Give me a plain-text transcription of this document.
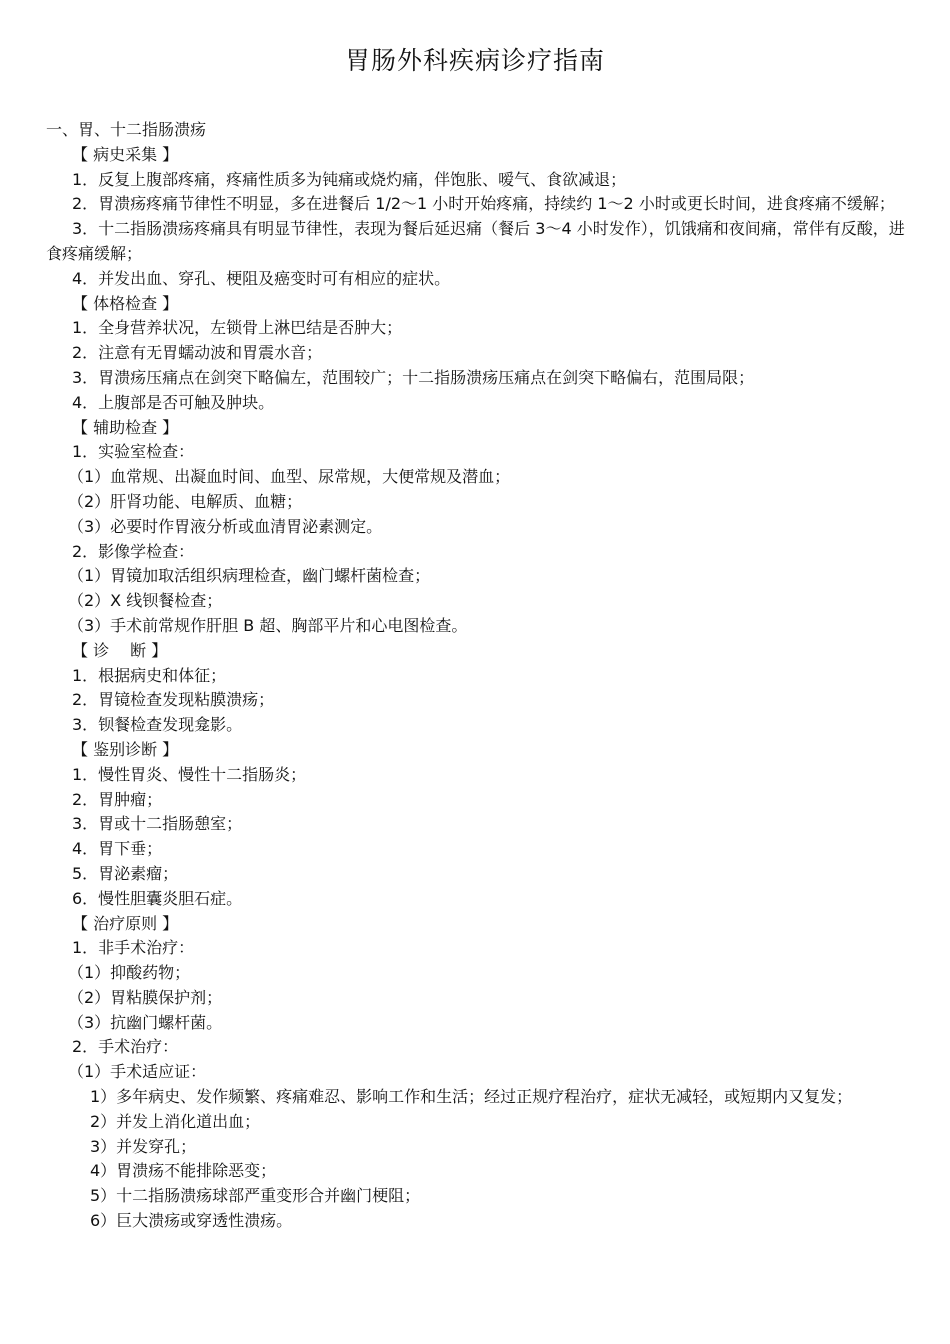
胃肠外科疾病诊疗指南
一、胃、十二指肠溃疡
【 病史采集 】
1．反复上腹部疼痛，疼痛性质多为钝痛或烧灼痛，伴饱胀、嗳气、食欲减退；
2．胃溃疡疼痛节律性不明显，多在进餐后 1/2～1 小时开始疼痛，持续约 1～2 小时或更长时间，进食疼痛不缓解；
3．十二指肠溃疡疼痛具有明显节律性，表现为餐后延迟痛（餐后 3～4 小时发作），饥饿痛和夜间痛，常伴有反酸，进食疼痛缓解；
4．并发出血、穿孔、梗阻及癌变时可有相应的症状。
【 体格检查 】
1．全身营养状况，左锁骨上淋巴结是否肿大；
2．注意有无胃蠕动波和胃震水音；
3．胃溃疡压痛点在剑突下略偏左，范围较广；十二指肠溃疡压痛点在剑突下略偏右，范围局限；
4．上腹部是否可触及肿块。
【 辅助检查 】
1．实验室检查：
（1）血常规、出凝血时间、血型、尿常规，大便常规及潜血；
（2）肝肾功能、电解质、血糖；
（3）必要时作胃液分析或血清胃泌素测定。
2．影像学检查：
（1）胃镜加取活组织病理检查，幽门螺杆菌检查；
（2）X 线钡餐检查；
（3）手术前常规作肝胆 B 超、胸部平片和心电图检查。
【 诊　 断 】
1．根据病史和体征；
2．胃镜检查发现粘膜溃疡；
3．钡餐检查发现龛影。
【 鉴别诊断 】
1．慢性胃炎、慢性十二指肠炎；
2．胃肿瘤；
3．胃或十二指肠憩室；
4．胃下垂；
5．胃泌素瘤；
6．慢性胆囊炎胆石症。
【 治疗原则 】
1．非手术治疗：
（1）抑酸药物；
（2）胃粘膜保护剂；
（3）抗幽门螺杆菌。
2．手术治疗：
（1）手术适应证：
1）多年病史、发作频繁、疼痛难忍、影响工作和生活；经过正规疗程治疗，症状无减轻，或短期内又复发；
2）并发上消化道出血；
3）并发穿孔；
4）胃溃疡不能排除恶变；
5）十二指肠溃疡球部严重变形合并幽门梗阻；
6）巨大溃疡或穿透性溃疡。
